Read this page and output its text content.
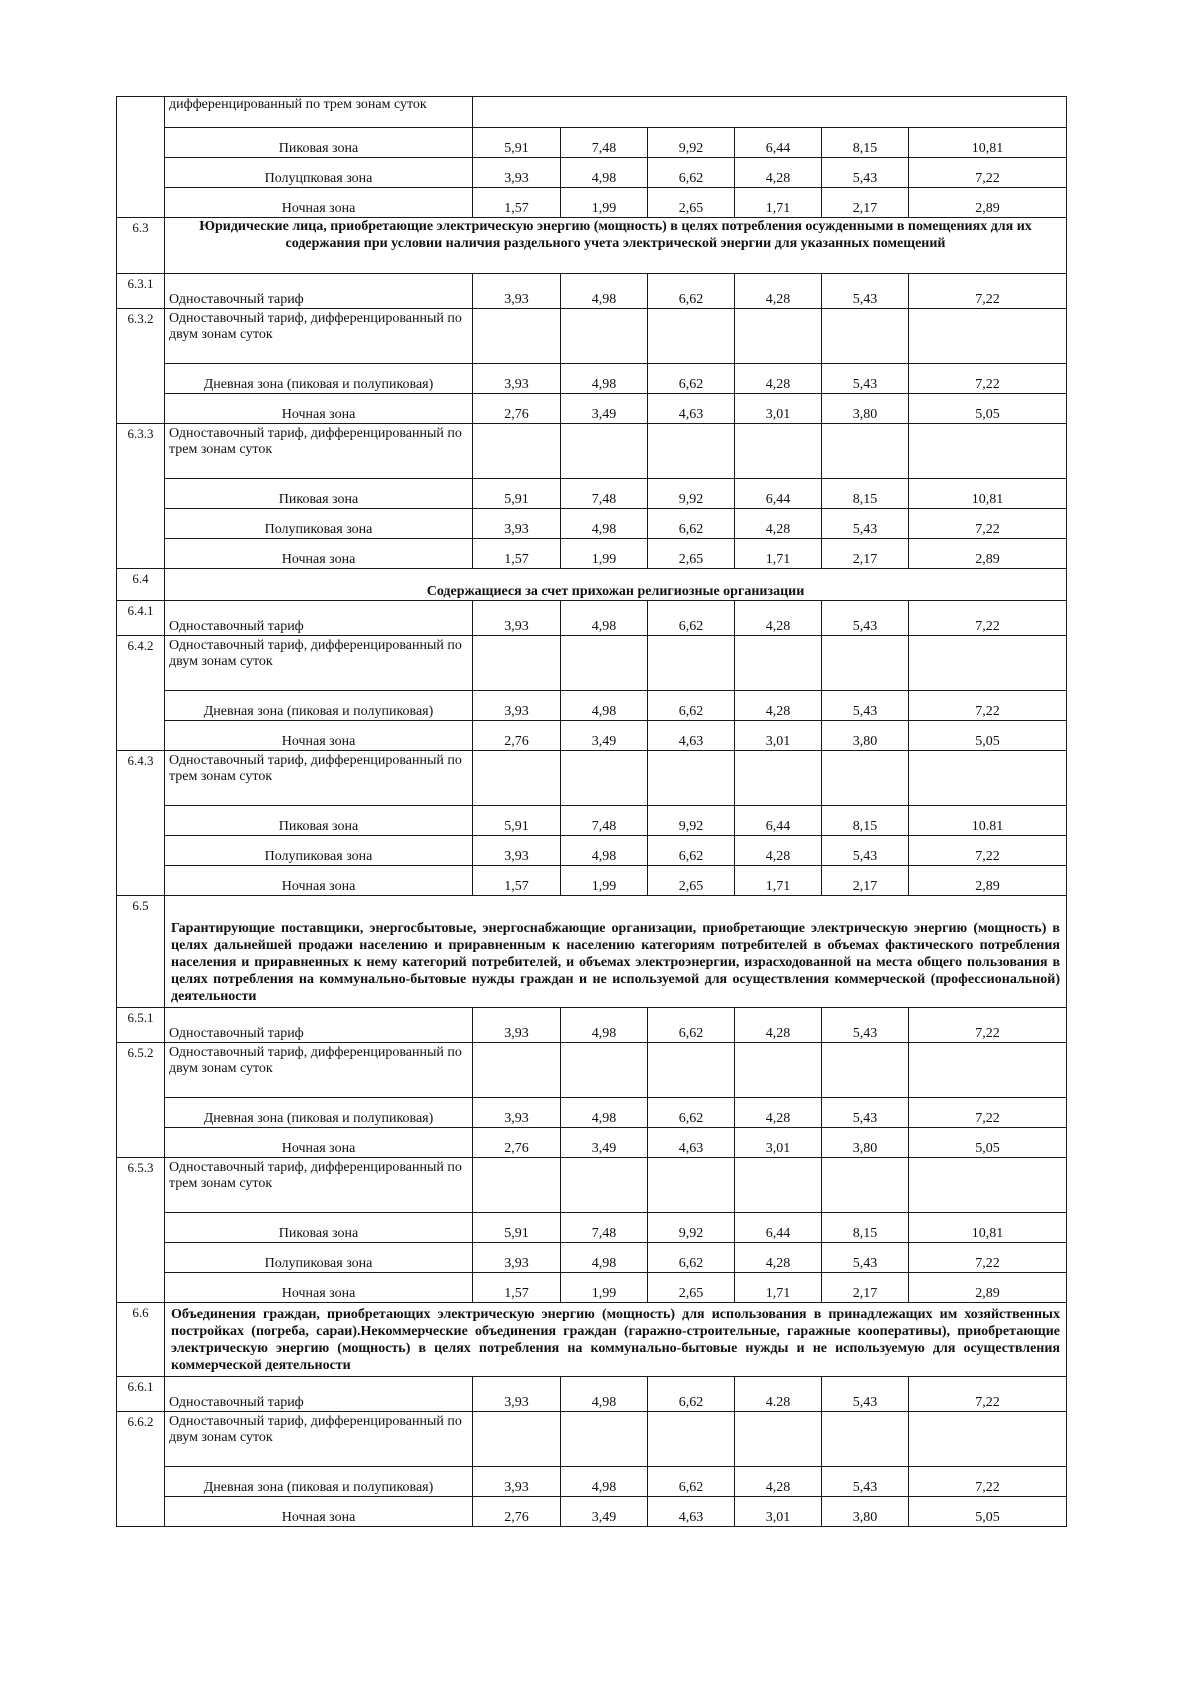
	дифференцированный по трем зонам суток						
	Пиковая зона	5,91	7,48	9,92	6,44	8,15	10,81
	Полуцпковая зона	3,93	4,98	6,62	4,28	5,43	7,22
	Ночная зона	1,57	1,99	2,65	1,71	2,17	2,89
6.3	Юридические лица, приобретающие электрическую энергию (мощность) в целях потребления осужденными в помещениях для их содержания при условии наличия раздельного учета электрической энергии для указанных помещений						
6.3.1	Одноставочный тариф	3,93	4,98	6,62	4,28	5,43	7,22
6.3.2	Одноставочный тариф, дифференцированный по двум зонам суток						
	Дневная зона (пиковая и полупиковая)	3,93	4,98	6,62	4,28	5,43	7,22
	Ночная зона	2,76	3,49	4,63	3,01	3,80	5,05
6.3.3	Одноставочный тариф, дифференцированный по трем зонам суток						
	Пиковая зона	5,91	7,48	9,92	6,44	8,15	10,81
	Полупиковая зона	3,93	4,98	6,62	4,28	5,43	7,22
	Ночная зона	1,57	1,99	2,65	1,71	2,17	2,89
6.4	Содержащиеся за счет прихожан религиозные организации						
6.4.1	Одноставочный тариф	3,93	4,98	6,62	4,28	5,43	7,22
6.4.2	Одноставочный тариф, дифференцированный по двум зонам суток						
	Дневная зона (пиковая и полупиковая)	3,93	4,98	6,62	4,28	5,43	7,22
	Ночная зона	2,76	3,49	4,63	3,01	3,80	5,05
6.4.3	Одноставочный тариф, дифференцированный по трем зонам суток						
	Пиковая зона	5,91	7,48	9,92	6,44	8,15	10.81
	Полупиковая зона	3,93	4,98	6,62	4,28	5,43	7,22
	Ночная зона	1,57	1,99	2,65	1,71	2,17	2,89
6.5	Гарантирующие поставщики, энергосбытовые, энергоснабжающие организации, приобретающие электрическую энергию (мощность) в целях дальнейшей продажи населению и приравненным к населению категориям потребителей в объемах фактического потребления населения и приравненных к нему категорий потребителей, и объемах электроэнергии, израсходованной на места общего пользования в целях потребления на коммунально-бытовые нужды граждан и не используемой для осуществления коммерческой (профессиональной) деятельности						
6.5.1	Одноставочный тариф	3,93	4,98	6,62	4,28	5,43	7,22
6.5.2	Одноставочный тариф, дифференцированный по двум зонам суток						
	Дневная зона (пиковая и полупиковая)	3,93	4,98	6,62	4,28	5,43	7,22
	Ночная зона	2,76	3,49	4,63	3,01	3,80	5,05
6.5.3	Одноставочный тариф, дифференцированный по трем зонам суток						
	Пиковая зона	5,91	7,48	9,92	6,44	8,15	10,81
	Полупиковая зона	3,93	4,98	6,62	4,28	5,43	7,22
	Ночная зона	1,57	1,99	2,65	1,71	2,17	2,89
6.6	Объединения граждан, приобретающих электрическую энергию (мощность) для использования в принадлежащих им хозяйственных постройках (погреба, сараи).Некоммерческие объединения граждан (гаражно-строительные, гаражные кооперативы), приобретающие электрическую энергию (мощность) в целях потребления на коммунально-бытовые нужды и не используемую для осуществления коммерческой деятельности						
6.6.1	Одноставочный тариф	3,93	4,98	6,62	4.28	5,43	7,22
6.6.2	Одноставочный тариф, дифференцированный по двум зонам суток						
	Дневная зона (пиковая и полупиковая)	3,93	4,98	6,62	4,28	5,43	7,22
	Ночная зона	2,76	3,49	4,63	3,01	3,80	5,05
